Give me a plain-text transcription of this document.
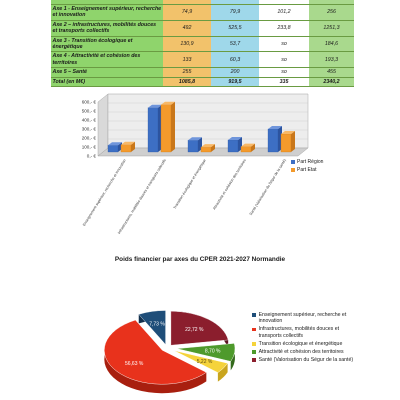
Axe 1 - Enseignement supérieur, recherche et innovation	74,9	79,9	101,2	256
Axe 2 – infrastructures, mobilités douces et transports collectifs	492	525,5	233,8	1251,3
Axe 3 - Transition écologique et énergétique	130,9	53,7	so	184,6
Axe 4 - Attractivité et cohésion des territoires	133	60,3	so	193,3
Axe 5 – Santé	255	200	so	455
Total (en M€)	1085,8	919,5	335	2340,2
0,- €
100,- €
200,- €
300,- €
400,- €
500,- €
600,- €
Enseignement supérieur, recherche et innovation
Infrastructures, mobilités douces et transports collectifs Transition écologique et énergétique Attractivité et cohésion des territoires Santé (Valorisation du Ségur de la santé) Part Région
Part Etat
Poids financier par axes du CPER 2021-2027 Normandie
7,73 %
22,72 %
8,70 %
5,22 %
56,63 %
Enseignement supérieur, recherche et innovation
Infrastructures, mobilités douces et transports collectifs
Transition écologique et énergétique
Attractivité et cohésion des territoires
Santé (Valorisation du Ségur de la santé)
